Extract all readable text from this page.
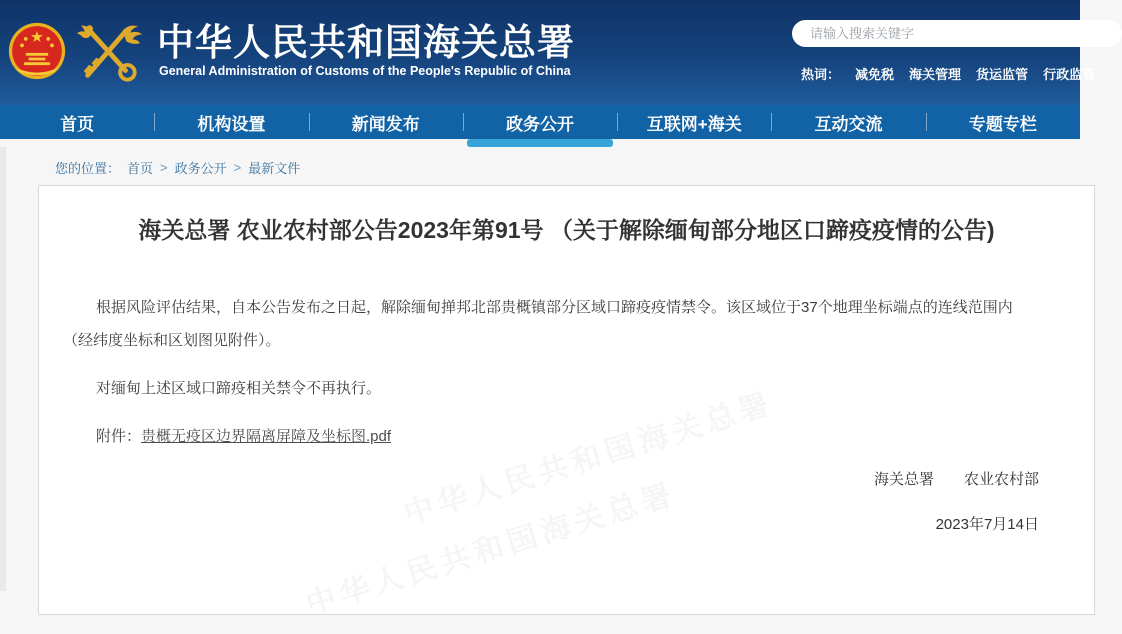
中华人民共和国海关总署
General Administration of Customs of the People's Republic of China
请输入搜索关键字	热词： 减免税 海关管理 货运监管 行政监管
首页	机构设置	新闻发布	政务公开	互联网+海关	互动交流	专题专栏
您的位置： 首页 > 政务公开 > 最新文件
海关总署 农业农村部公告2023年第91号 （关于解除缅甸部分地区口蹄疫疫情的公告)

根据风险评估结果，自本公告发布之日起，解除缅甸掸邦北部贵概镇部分区域口蹄疫疫情禁令。该区域位于37个地理坐标端点的连线范围内（经纬度坐标和区划图见附件）。

对缅甸上述区域口蹄疫相关禁令不再执行。

附件：贵概无疫区边界隔离屏障及坐标图.pdf

海关总署　　农业农村部
2023年7月14日
